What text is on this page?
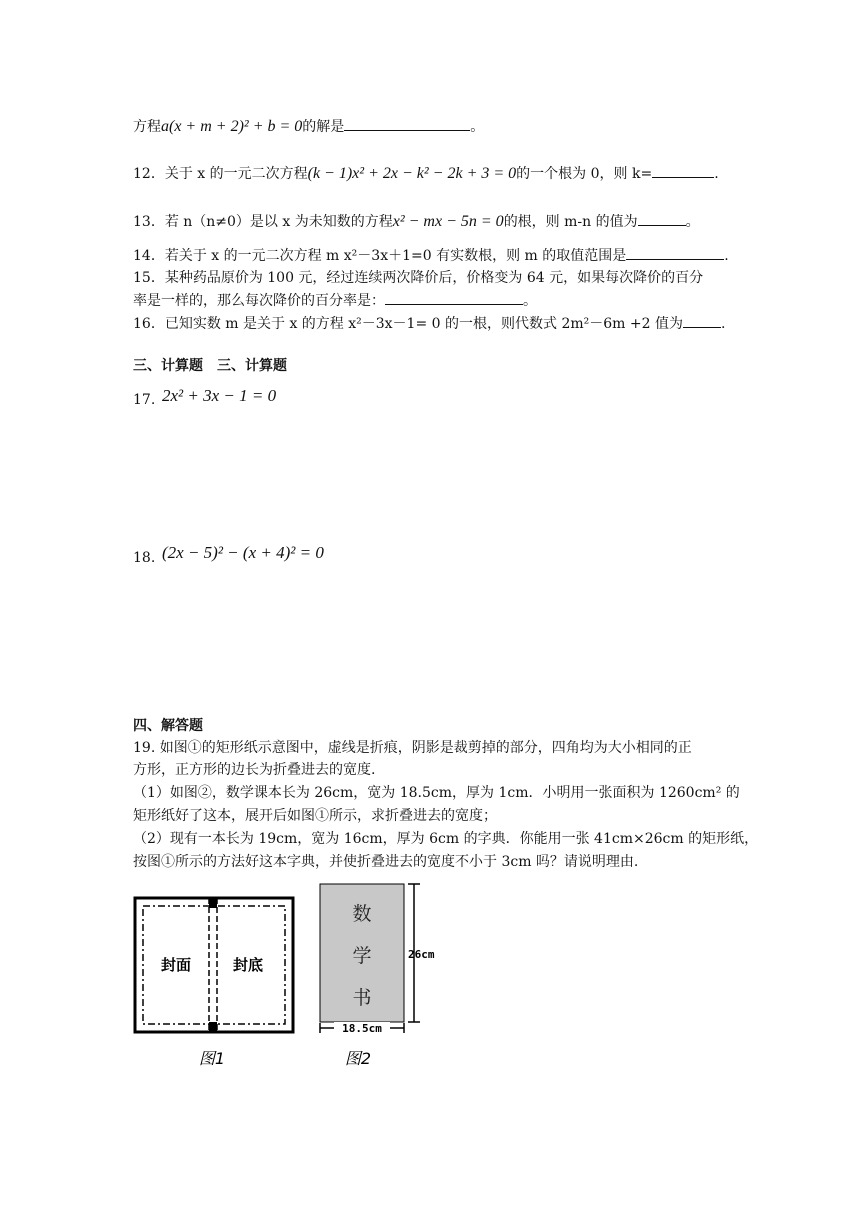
方程a(x + m + 2)² + b = 0的解是	。
12．关于 x 的一元二次方程(k − 1)x² + 2x − k² − 2k + 3 = 0的一个根为 0，则 k=	.
13．若 n（n≠0）是以 x 为未知数的方程x² − mx − 5n = 0的根，则 m-n 的值为	。
14．若关于 x 的一元二次方程 m x²－3x＋1=0 有实数根，则 m 的取值范围是	.
15．某种药品原价为 100 元，经过连续两次降价后，价格变为 64 元，如果每次降价的百分
率是一样的，那么每次降价的百分率是：	。
16．已知实数 m 是关于 x 的方程 x²－3x－1= 0 的一根，则代数式 2m²－6m +2 值为	.
三、计算题　三、计算题
17. 2x² + 3x − 1 = 0
18. (2x − 5)² − (x + 4)² = 0
四、解答题
19. 如图①的矩形纸示意图中，虚线是折痕，阴影是裁剪掉的部分，四角均为大小相同的正
方形，正方形的边长为折叠进去的宽度.
（1）如图②，数学课本长为 26cm，宽为 18.5cm，厚为 1cm．小明用一张面积为 1260cm² 的
矩形纸好了这本，展开后如图①所示，求折叠进去的宽度；
（2）现有一本长为 19cm，宽为 16cm，厚为 6cm 的字典．你能用一张 41cm×26cm 的矩形纸，
按图①所示的方法好这本字典，并使折叠进去的宽度不小于 3cm 吗？请说明理由.
封面	封底
图1
数
学
书
26cm
18.5cm
图2
